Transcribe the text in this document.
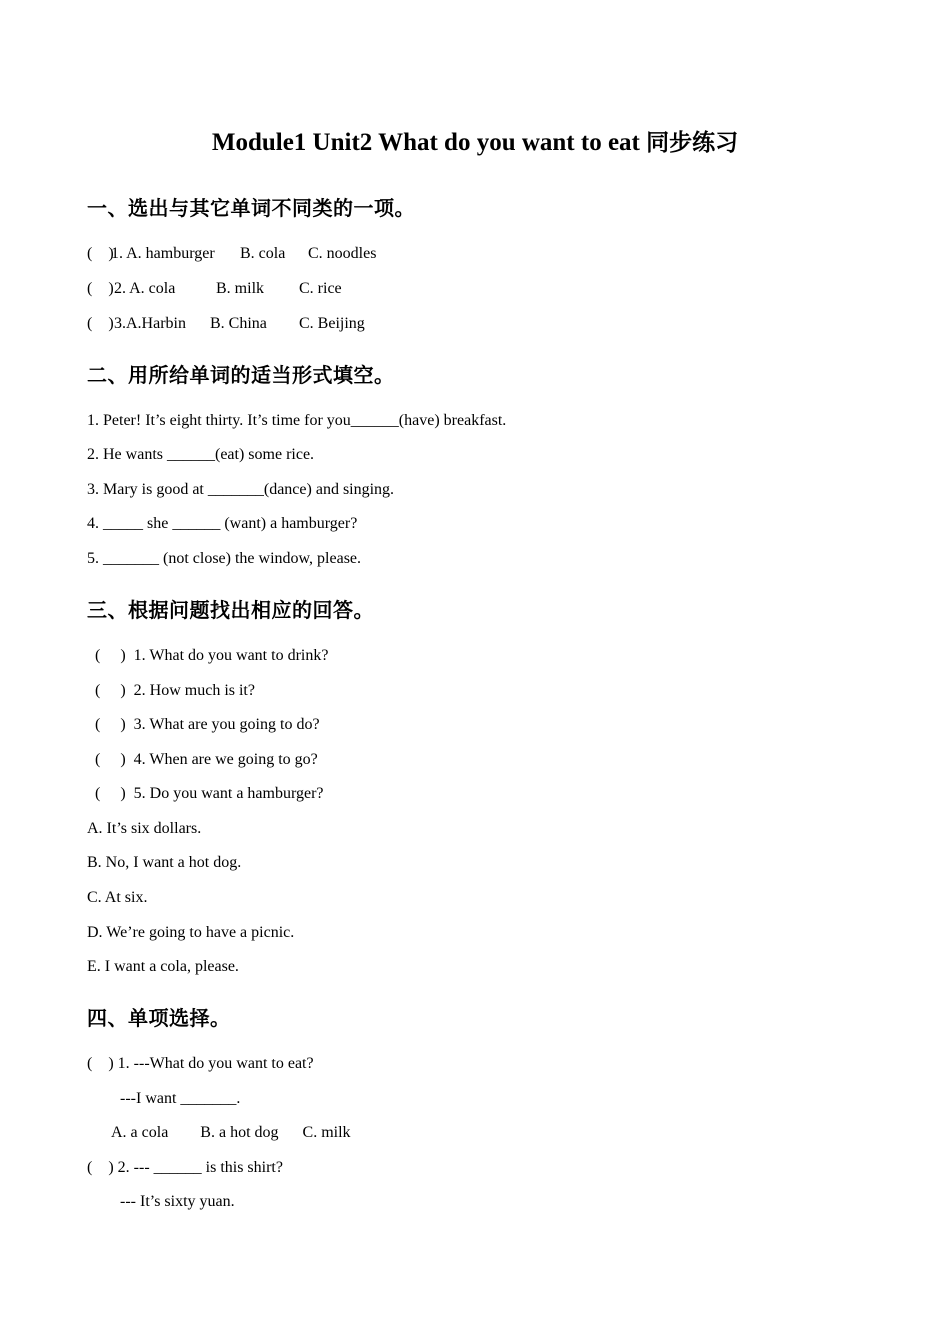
Module1 Unit2 What do you want to eat 同步练习
一、选出与其它单词不同类的一项。
(    )
1. A. hamburger B. cola C. noodles
(    ) 2. A. cola	B. milk C. rice
(    ) 3.A.Harbin B. China C. Beijing
二、用所给单词的适当形式填空。
1. Peter! It’s eight thirty. It’s time for you______(have) breakfast.
2. He wants ______(eat) some rice.
3. Mary is good at _______(dance) and singing.
4. _____ she ______ (want) a hamburger?
5. _______ (not close) the window, please.
三、根据问题找出相应的回答。
(     )  1. What do you want to drink?
(     )  2. How much is it?
(     )  3. What are you going to do?
(     )  4. When are we going to go?
(     )  5. Do you want a hamburger?
A. It’s six dollars.
B. No, I want a hot dog.
C. At six.
D. We’re going to have a picnic.
E. I want a cola, please.
四、单项选择。
(    ) 1. ---What do you want to eat?
---I want _______.
A. a cola        B. a hot dog      C. milk
(    ) 2. --- ______ is this shirt?
--- It’s sixty yuan.
